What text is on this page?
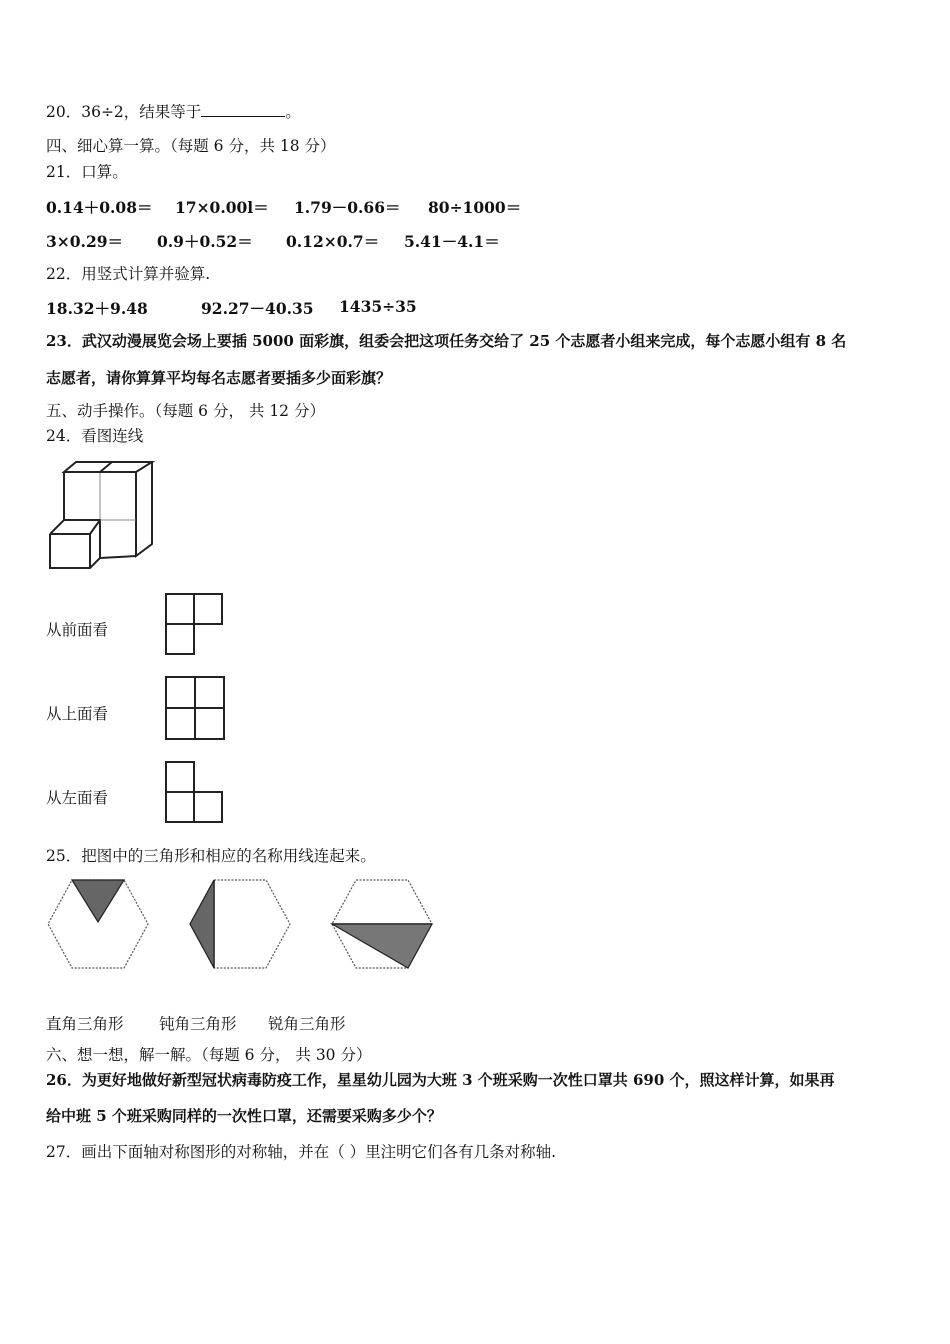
20．36÷2，结果等于	。
四、细心算一算。（每题 6 分，共 18 分）
21．口算。
0.14＋0.08＝ 17×0.00l＝ 1.79－0.66＝ 80÷1000＝
3×0.29＝ 0.9＋0.52＝ 0.12×0.7＝ 5.41－4.1＝
22．用竖式计算并验算.
18.32＋9.48	92.27－40.35 1435÷35
23．武汉动漫展览会场上要插 5000 面彩旗，组委会把这项任务交给了 25 个志愿者小组来完成，每个志愿小组有 8 名
志愿者，请你算算平均每名志愿者要插多少面彩旗？
五、动手操作。（每题 6 分， 共 12 分）
24．看图连线
从前面看
从上面看
从左面看
25．把图中的三角形和相应的名称用线连起来。
直角三角形 钝角三角形 锐角三角形
六、想一想，解一解。（每题 6 分， 共 30 分）
26．为更好地做好新型冠状病毒防疫工作，星星幼儿园为大班 3 个班采购一次性口罩共 690 个，照这样计算，如果再
给中班 5 个班采购同样的一次性口罩，还需要采购多少个？
27．画出下面轴对称图形的对称轴，并在（ ）里注明它们各有几条对称轴.
